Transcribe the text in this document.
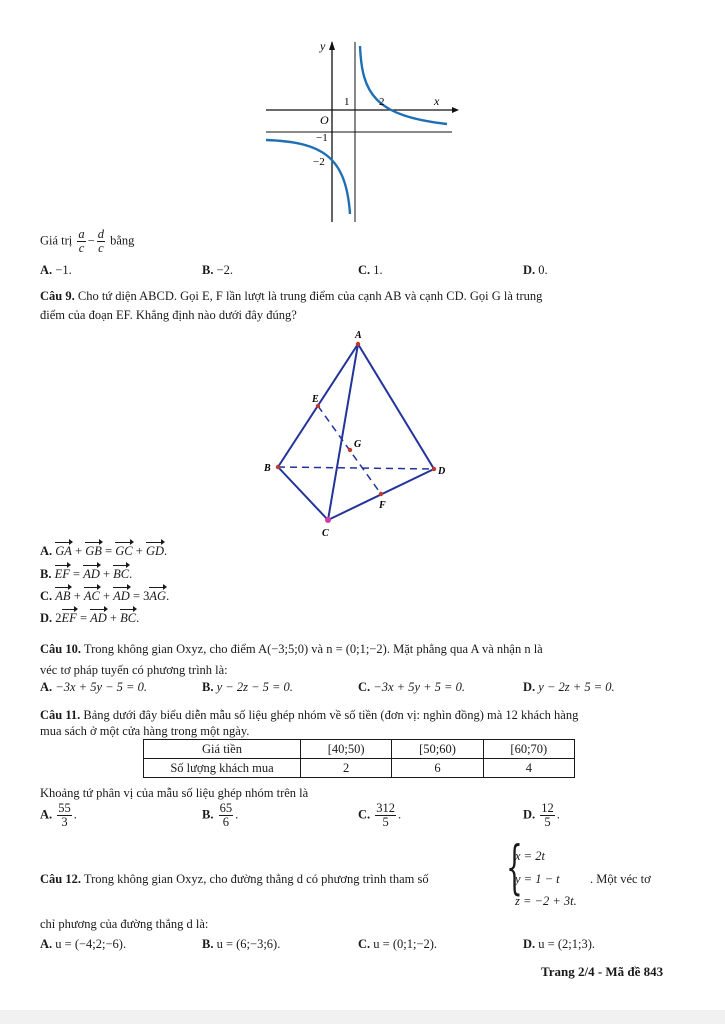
y
x
O
1	2
−1
−2
Giá trị $\frac{a}{c} - \frac{d}{c}$ bằng
A. −1.	B. −2.	C. 1.	D. 0.
Câu 9. Cho tứ diện ABCD. Gọi E, F lần lượt là trung điểm của cạnh AB và cạnh CD. Gọi G là trung
điểm của đoạn EF. Khẳng định nào dưới đây đúng?
A
B
C
D
E
F
G
A. GA + GB = GC + GD.
B. EF = AD + BC.
C. AB + AC + AD = 3AG.
D. 2EF = AD + BC.
Câu 10. Trong không gian Oxyz, cho điểm A(−3;5;0) và n = (0;1;−2). Mặt phẳng qua A và nhận n là
véc tơ pháp tuyến có phương trình là:
A. −3x + 5y − 5 = 0.	B. y − 2z − 5 = 0.	C. −3x + 5y + 5 = 0.	D. y − 2z + 5 = 0.
Câu 11. Bảng dưới đây biểu diễn mẫu số liệu ghép nhóm về số tiền (đơn vị: nghìn đồng) mà 12 khách hàng
mua sách ở một cửa hàng trong một ngày.
Giá tiền	[40;50)	[50;60)	[60;70)
Số lượng khách mua	2	6	4
Khoảng tứ phân vị của mẫu số liệu ghép nhóm trên là
A. $\frac{55}{3}$ .	B. $\frac{65}{6}$ .	C. $\frac{312}{5}$ .	D. $\frac{12}{5}$ .
Câu 12. Trong không gian Oxyz, cho đường thẳng d có phương trình tham số {
x = 2t
y = 1 − t
z = −2 + 3t.
. Một véc tơ
chỉ phương của đường thẳng d là:
A. u = (−4;2;−6).	B. u = (6;−3;6).	C. u = (0;1;−2).	D. u = (2;1;3).
Trang 2/4 - Mã đề 843
